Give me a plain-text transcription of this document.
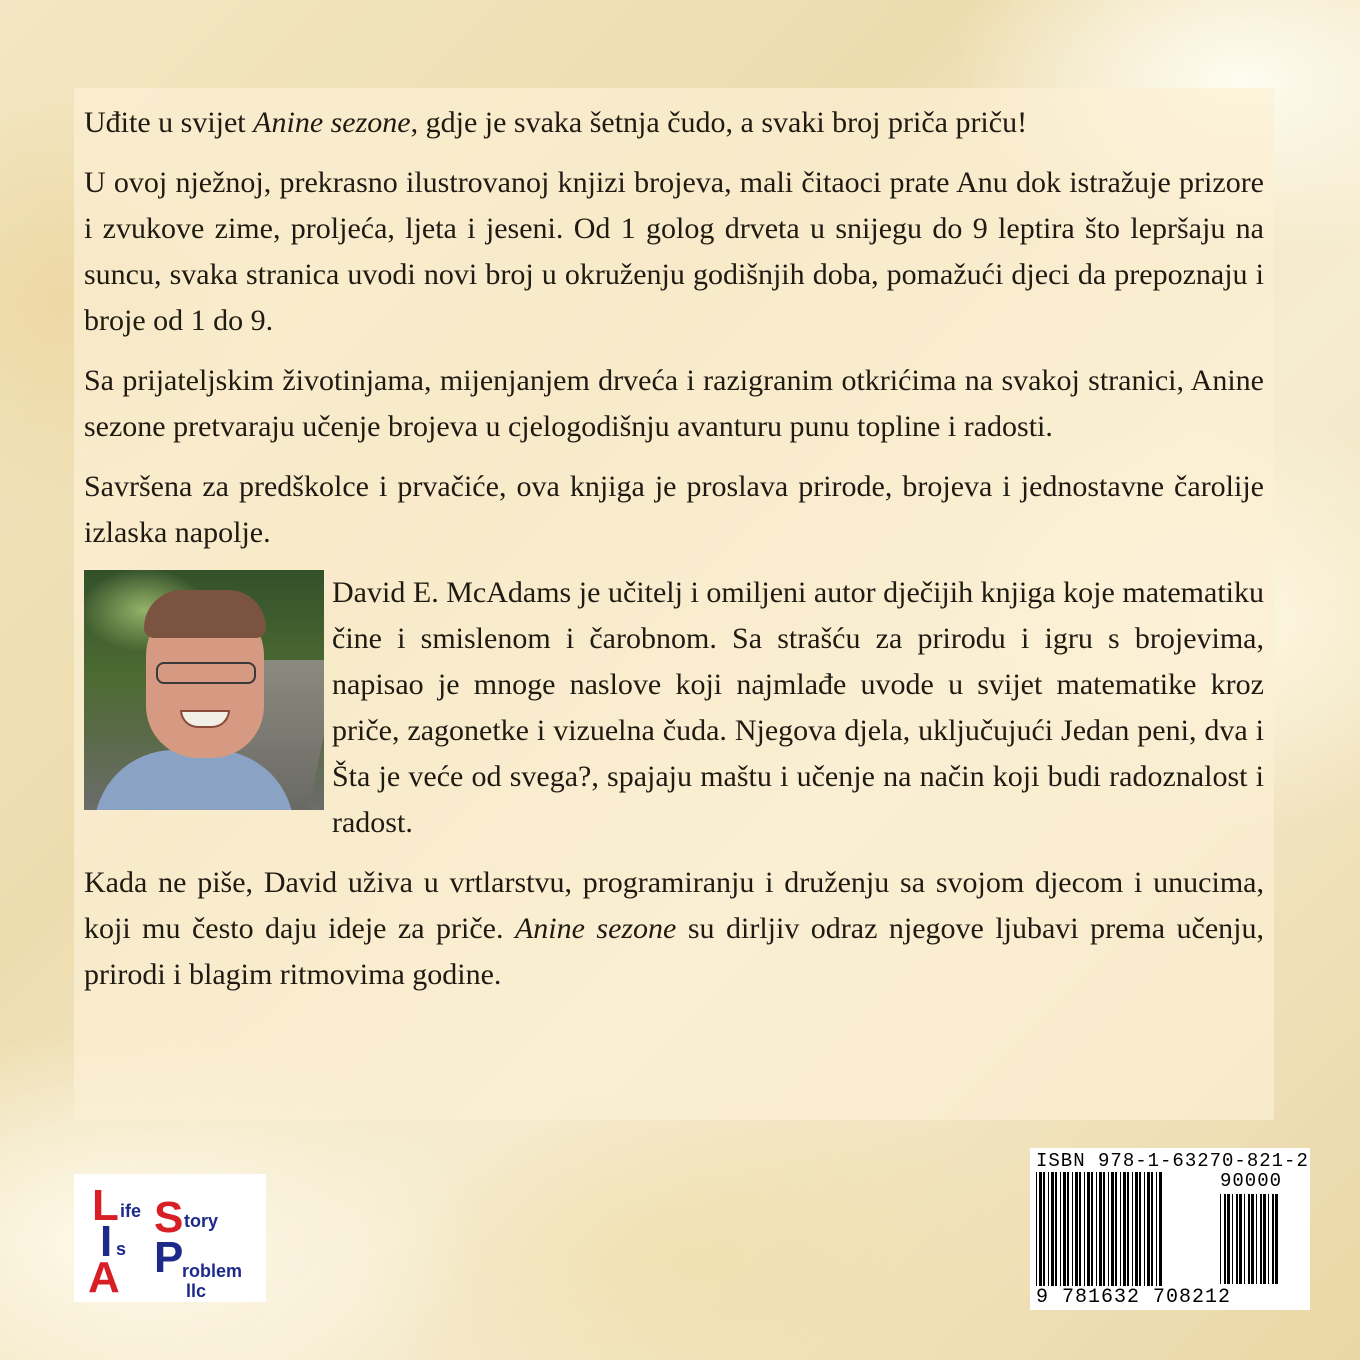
Uđite u svijet Anine sezone, gdje je svaka šetnja čudo, a svaki broj priča priču!

U ovoj nježnoj, prekrasno ilustrovanoj knjizi brojeva, mali čitaoci prate Anu dok istražuje prizore i zvukove zime, proljeća, ljeta i jeseni. Od 1 golog drveta u snijegu do 9 leptira što lepršaju na suncu, svaka stranica uvodi novi broj u okruženju godišnjih doba, pomažući djeci da prepoznaju i broje od 1 do 9.

Sa prijateljskim životinjama, mijenjanjem drveća i razigranim otkrićima na svakoj stranici, Anine sezone pretvaraju učenje brojeva u cjelogodišnju avanturu punu topline i radosti.

Savršena za predškolce i prvačiće, ova knjiga je proslava prirode, brojeva i jednostavne čarolije izlaska napolje.

David E. McAdams je učitelj i omiljeni autor dječijih knjiga koje matematiku čine i smislenom i čarobnom. Sa strašću za prirodu i igru s brojevima, napisao je mnoge naslove koji najmlađe uvode u svijet matematike kroz priče, zagonetke i vizuelna čuda. Njegova djela, uključujući Jedan peni, dva i Šta je veće od svega?, spajaju maštu i učenje na način koji budi radoznalost i radost.

Kada ne piše, David uživa u vrtlarstvu, programiranju i druženju sa svojom djecom i unucima, koji mu često daju ideje za priče. Anine sezone su dirljiv odraz njegove ljubavi prema učenju, prirodi i blagim ritmovima godine.

L ife S tory
I s P
roblem
A	llc
ISBN 978-1-63270-821-2
90000
9 781632 708212
